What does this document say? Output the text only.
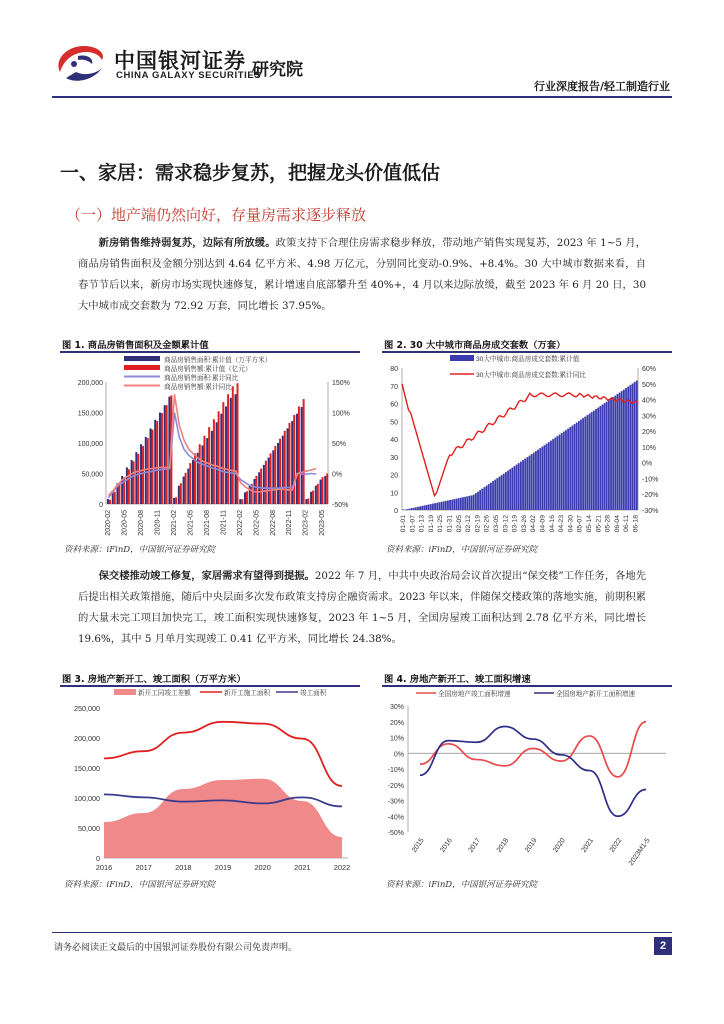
中国银河证券
CHINA GALAXY SECURITIES
研究院
行业深度报告/轻工制造行业
一、家居：需求稳步复苏，把握龙头价值低估
（一）地产端仍然向好，存量房需求逐步释放
新房销售维持弱复苏，边际有所放缓。政策支持下合理住房需求稳步释放，带动地产销售实现复苏，2023 年 1~5 月，商品房销售面积及金额分别达到 4.64 亿平方米、4.98 万亿元，分别同比变动-0.9%、+8.4%。30 大中城市数据来看，自春节节后以来，新房市场实现快速修复，累计增速自底部攀升至 40%+，4 月以来边际放缓，截至 2023 年 6 月 20 日，30 大中城市成交套数为 72.92 万套，同比增长 37.95%。
图 1. 商品房销售面积及金额累计值
0
50,000
100,000
150,000
200,000	150%
100%
50%
0%
-50%
2020-02 2020-05 2020-08 2020-11 2021-02 2021-05 2021-08 2021-11 2022-02 2022-05 2022-08 2022-11 2023-02 2023-05
商品房销售面积:累计值（万平方米）
商品房销售额:累计值（亿元）
商品房销售面积:累计同比
商品房销售额:累计同比
资料来源：iFinD，中国银河证券研究院
图 2. 30 大中城市商品房成交套数（万套）
0
10
20
30
40
50
60
70
80	60%
50%
40%
30%
20%
10%
0%
-10%
-20%
-30%
01-01 01-07 01-13 01-19 01-25 01-31 02-05 02-12 02-19 02-26 03-05 03-12 03-19 03-26 04-02 04-09 04-16 04-23 04-30 05-07 05-14 05-21 05-28 06-04 06-11 06-18
30大中城市:商品房成交套数:累计值
30大中城市:商品房成交套数:累计同比
资料来源：iFinD，中国银河证券研究院
保交楼推动竣工修复，家居需求有望得到提振。2022 年 7 月，中共中央政治局会议首次提出“保交楼”工作任务，各地先后提出相关政策措施，随后中央层面多次发布政策支持房企融资需求。2023 年以来，伴随保交楼政策的落地实施，前期积累的大量未完工项目加快完工，竣工面积实现快速修复，2023 年 1~5 月，全国房屋竣工面积达到 2.78 亿平方米，同比增长 19.6%，其中 5 月单月实现竣工 0.41 亿平方米，同比增长 24.38%。
图 3. 房地产新开工、竣工面积（万平方米）
0
50,000
100,000
150,000
200,000
250,000
2016	2017	2018	2019	2020	2021	2022
新开工同竣工差额	新开工施工面积	竣工面积
资料来源：iFinD，中国银河证券研究院
图 4. 房地产新开工、竣工面积增速
30%
20%
10%
0%
-10%
-20%
-30%
-40%
-50%
2015 2016 2017 2018 2019 2020 2021 2022 2023M1-5
全国房地产竣工面积增速	全国房地产新开工面积增速
资料来源：iFinD，中国银河证券研究院
请务必阅读正文最后的中国银河证券股份有限公司免责声明。	2
